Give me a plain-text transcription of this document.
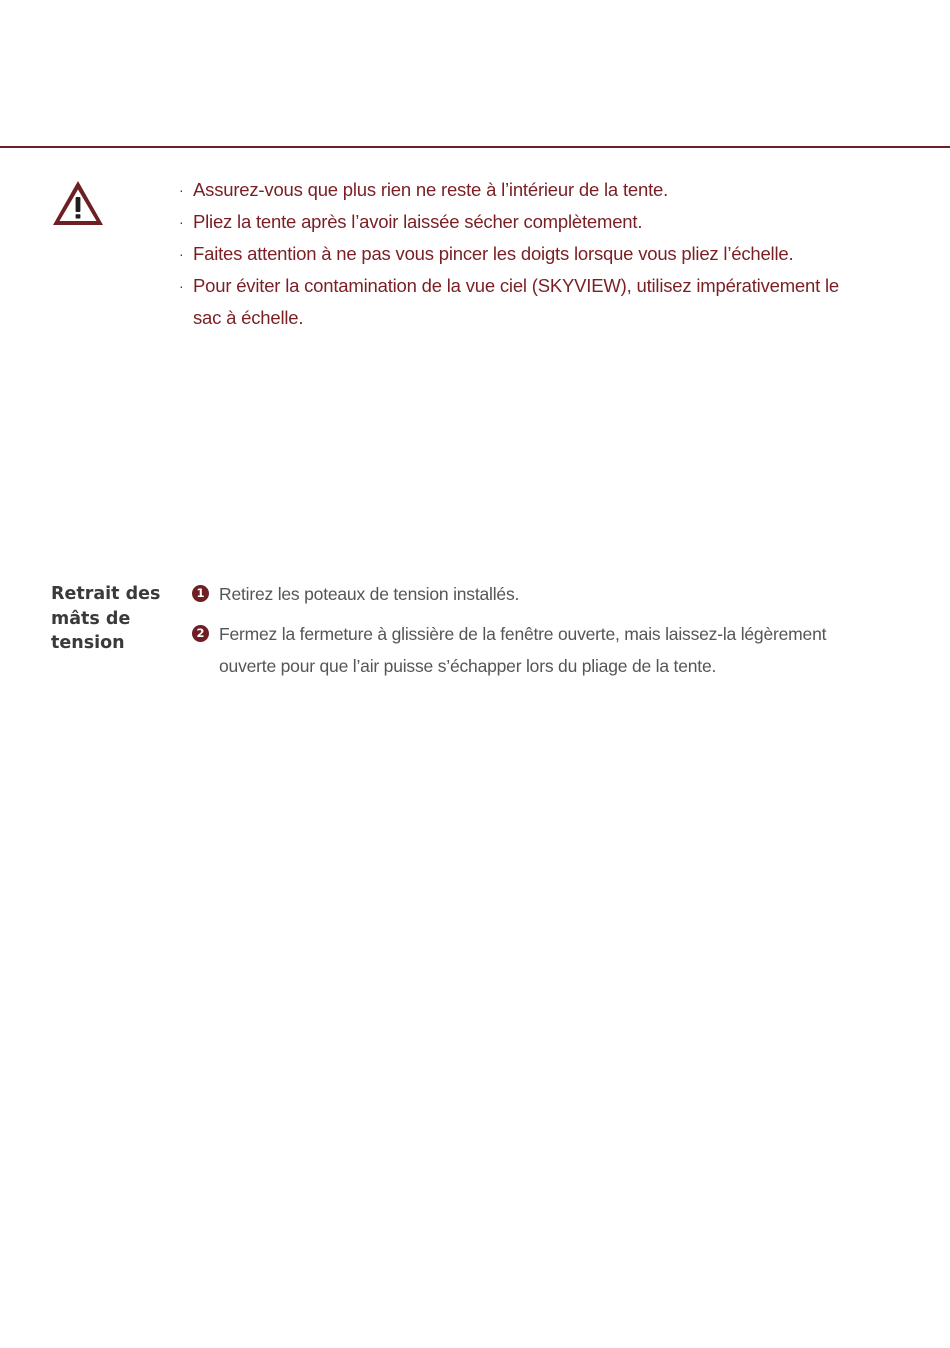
· Assurez-vous que plus rien ne reste à l’intérieur de la tente.
· Pliez la tente après l’avoir laissée sécher complètement.
· Faites attention à ne pas vous pincer les doigts lorsque vous pliez l’échelle.
· Pour éviter la contamination de la vue ciel (SKYVIEW), utilisez impérativement le sac à échelle.
Retrait des mâts de tension
1 Retirez les poteaux de tension installés.
2 Fermez la fermeture à glissière de la fenêtre ouverte, mais laissez-la légèrement ouverte pour que l’air puisse s’échapper lors du pliage de la tente.
